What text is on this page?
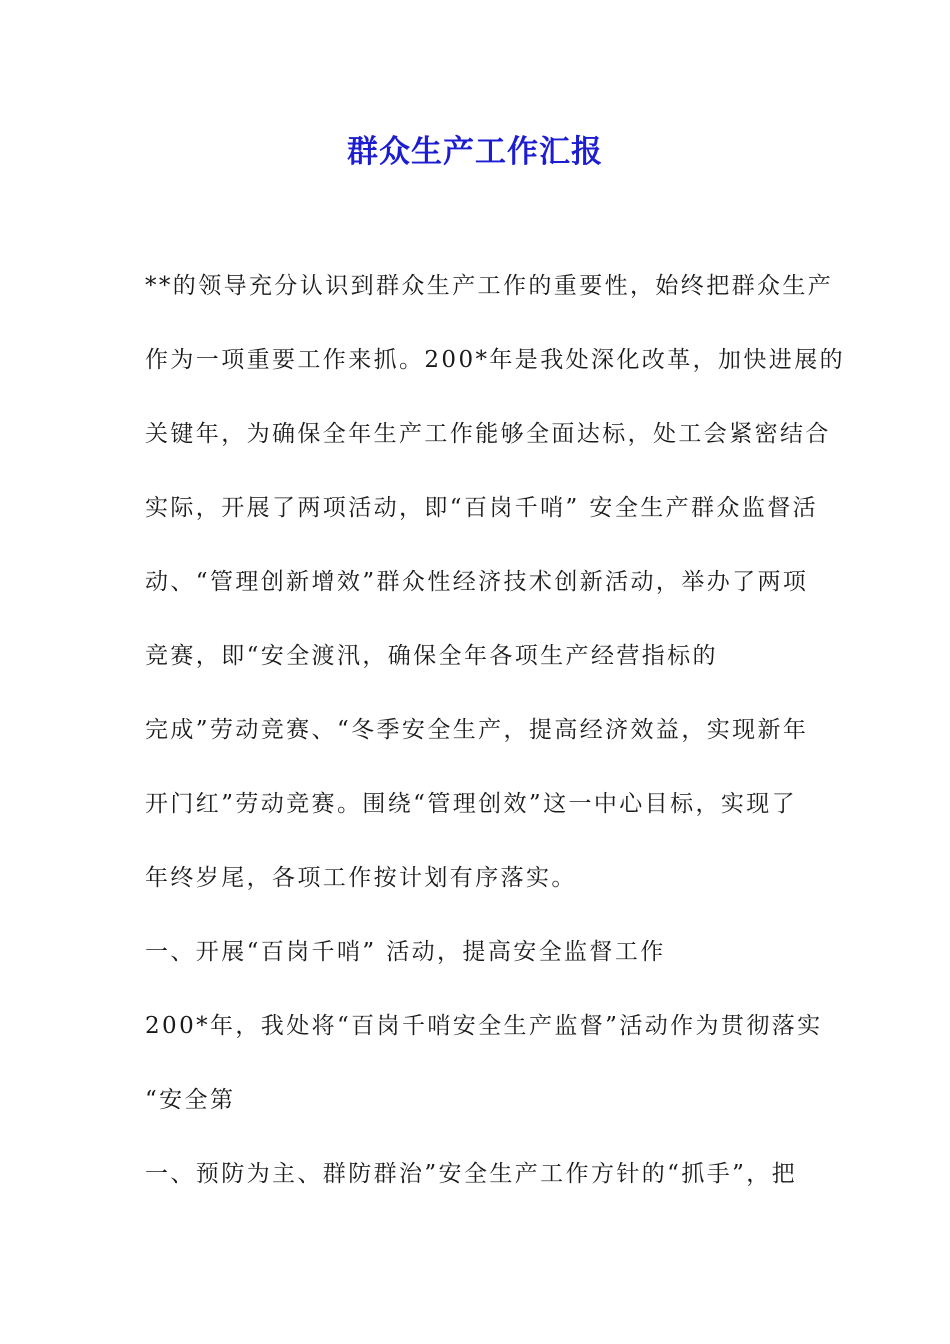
群众生产工作汇报
**的领导充分认识到群众生产工作的重要性，始终把群众生产
作为一项重要工作来抓。200*年是我处深化改革，加快进展的
关键年，为确保全年生产工作能够全面达标，处工会紧密结合
实际，开展了两项活动，即“百岗千哨” 安全生产群众监督活
动、“管理创新增效”群众性经济技术创新活动，举办了两项
竞赛，即“安全渡汛，确保全年各项生产经营指标的
完成”劳动竞赛、“冬季安全生产，提高经济效益，实现新年
开门红”劳动竞赛。围绕“管理创效”这一中心目标，实现了
年终岁尾，各项工作按计划有序落实。
一、开展“百岗千哨” 活动，提高安全监督工作
200*年，我处将“百岗千哨安全生产监督”活动作为贯彻落实
“安全第
一、预防为主、群防群治”安全生产工作方针的“抓手”，把
